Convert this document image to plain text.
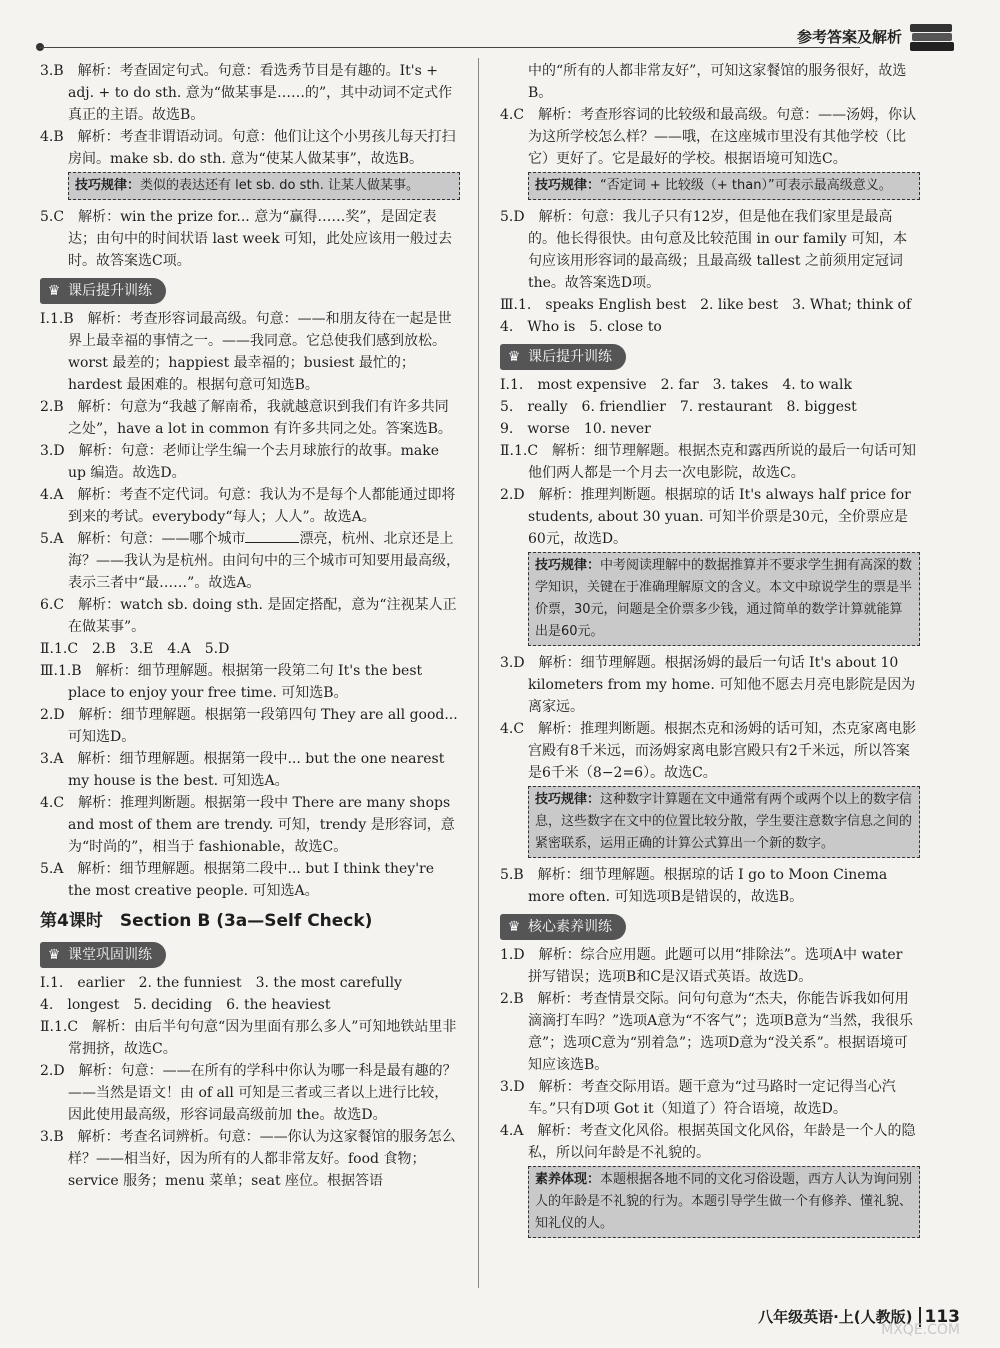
参考答案及解析

3.B　 解析：考查固定句式。句意：看选秀节目是有趣的。It's + adj. + to do sth. 意为“做某事是……的”，其中动词不定式作真正的主语。故选B。

4.B　 解析：考查非谓语动词。句意：他们让这个小男孩儿每天打扫房间。make sb. do sth. 意为“使某人做某事”，故选B。

技巧规律：类似的表达还有 let sb. do sth. 让某人做某事。

5.C　 解析：win the prize for... 意为“赢得……奖”，是固定表达；由句中的时间状语 last week 可知，此处应该用一般过去时。故答案选C项。

♛ 课后提升训练

Ⅰ.1.B　 解析：考查形容词最高级。句意：——和朋友待在一起是世界上最幸福的事情之一。——我同意。它总使我们感到放松。worst 最差的；happiest 最幸福的；busiest 最忙的；hardest 最困难的。根据句意可知选B。

2.B　 解析：句意为“我越了解南希，我就越意识到我们有许多共同之处”，have a lot in common 有许多共同之处。答案选B。

3.D　 解析：句意：老师让学生编一个去月球旅行的故事。make up 编造。故选D。

4.A　 解析：考查不定代词。句意：我认为不是每个人都能通过即将到来的考试。everybody“每人；人人”。故选A。

5.A　 解析：句意：——哪个城市	漂亮，杭州、北京还是上海？——我认为是杭州。由问句中的三个城市可知要用最高级，表示三者中“最……”。故选A。

6.C　 解析：watch sb. doing sth. 是固定搭配，意为“注视某人正在做某事”。

Ⅱ.1.C　 2.B　3.E　4.A　5.D

Ⅲ.1.B　 解析：细节理解题。根据第一段第二句 It's the best place to enjoy your free time. 可知选B。

2.D　 解析：细节理解题。根据第一段第四句 They are all good... 可知选D。

3.A　 解析：细节理解题。根据第一段中... but the one nearest my house is the best. 可知选A。

4.C　 解析：推理判断题。根据第一段中 There are many shops and most of them are trendy. 可知，trendy 是形容词，意为“时尚的”，相当于 fashionable，故选C。

5.A　 解析：细节理解题。根据第二段中... but I think they're the most creative people. 可知选A。

第4课时　Section B (3a—Self Check)
♛ 课堂巩固训练

Ⅰ.1.　 earlier　2. the funniest　3. the most carefully

4.　 longest　5. deciding　6. the heaviest

Ⅱ.1.C　 解析：由后半句句意“因为里面有那么多人”可知地铁站里非常拥挤，故选C。

2.D　 解析：句意：——在所有的学科中你认为哪一科是最有趣的？——当然是语文！由 of all 可知是三者或三者以上进行比较，因此使用最高级，形容词最高级前加 the。故选D。

3.B　 解析：考查名词辨析。句意：——你认为这家餐馆的服务怎么样？——相当好，因为所有的人都非常友好。food 食物；service 服务；menu 菜单；seat 座位。根据答语

中的“所有的人都非常友好”，可知这家餐馆的服务很好，故选B。

4.C　 解析：考查形容词的比较级和最高级。句意：——汤姆，你认为这所学校怎么样？——哦，在这座城市里没有其他学校（比它）更好了。它是最好的学校。根据语境可知选C。

技巧规律：“否定词 + 比较级（+ than）”可表示最高级意义。

5.D　 解析：句意：我儿子只有12岁，但是他在我们家里是最高的。他长得很快。由句意及比较范围 in our family 可知，本句应该用形容词的最高级；且最高级 tallest 之前须用定冠词 the。故答案选D项。

Ⅲ.1.　 speaks English best　2. like best　3. What; think of

4.　 Who is　5. close to

♛ 课后提升训练

Ⅰ.1.　 most expensive　2. far　3. takes　4. to walk

5.　 really　6. friendlier　7. restaurant　8. biggest

9.　 worse　10. never

Ⅱ.1.C　 解析：细节理解题。根据杰克和露西所说的最后一句话可知他们两人都是一个月去一次电影院，故选C。

2.D　 解析：推理判断题。根据琼的话 It's always half price for students, about 30 yuan. 可知半价票是30元，全价票应是60元，故选D。

技巧规律：中考阅读理解中的数据推算并不要求学生拥有高深的数学知识，关键在于准确理解原文的含义。本文中琼说学生的票是半价票，30元，问题是全价票多少钱，通过简单的数学计算就能算出是60元。

3.D　 解析：细节理解题。根据汤姆的最后一句话 It's about 10 kilometers from my home. 可知他不愿去月亮电影院是因为离家远。

4.C　 解析：推理判断题。根据杰克和汤姆的话可知，杰克家离电影宫殿有8千米远，而汤姆家离电影宫殿只有2千米远，所以答案是6千米（8−2=6）。故选C。

技巧规律：这种数字计算题在文中通常有两个或两个以上的数字信息，这些数字在文中的位置比较分散，学生要注意数字信息之间的紧密联系，运用正确的计算公式算出一个新的数字。

5.B　 解析：细节理解题。根据琼的话 I go to Moon Cinema more often. 可知选项B是错误的，故选B。

♛ 核心素养训练

1.D　 解析：综合应用题。此题可以用“排除法”。选项A中 water 拼写错误；选项B和C是汉语式英语。故选D。

2.B　 解析：考查情景交际。问句句意为“杰夫，你能告诉我如何用滴滴打车吗？”选项A意为“不客气”；选项B意为“当然，我很乐意”；选项C意为“别着急”；选项D意为“没关系”。根据语境可知应该选B。

3.D　 解析：考查交际用语。题干意为“过马路时一定记得当心汽车。”只有D项 Got it（知道了）符合语境，故选D。

4.A　 解析：考查文化风俗。根据英国文化风俗，年龄是一个人的隐私，所以问年龄是不礼貌的。

素养体现：本题根据各地不同的文化习俗设题，西方人认为询问别人的年龄是不礼貌的行为。本题引导学生做一个有修养、懂礼貌、知礼仪的人。
八年级英语·上(人教版) 113
MXQE.COM
